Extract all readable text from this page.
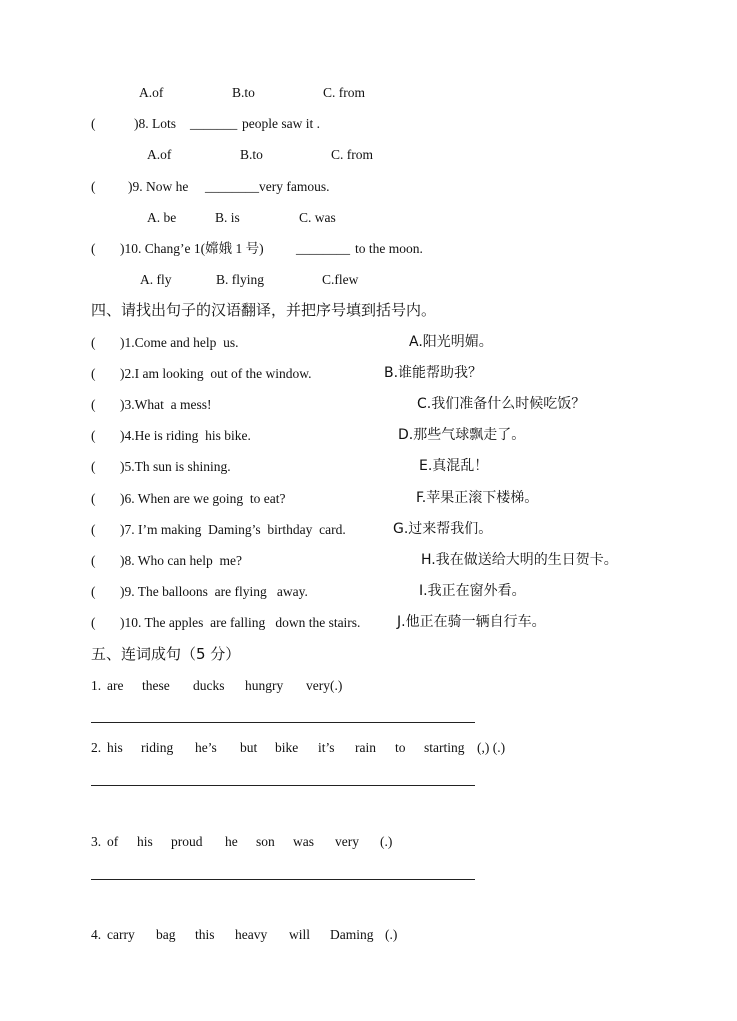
A.of	B.to	C. from
(	)8. Lots _______ people saw it .
A.of	B.to	C. from
( )9. Now he ________ very famous.
A. be	B. is	C. was
( )10. Chang’e 1(嫦娥 1 号) ________ to the moon.
A. fly	B. flying	C.flew
四、请找出句子的汉语翻译，并把序号填到括号内。
( )1.Come and help  us.	A.阳光明媚。
( )2.I am looking  out of the window.	B.谁能帮助我？
( )3.What  a mess!	C.我们准备什么时候吃饭？
( )4.He is riding  his bike.	D.那些气球飘走了。
( )5.Th sun is shining.	E.真混乱！
( )6. When are we going  to eat?	F.苹果正滚下楼梯。
( )7. I’m making  Daming’s  birthday  card.	G.过来帮我们。
( )8. Who can help  me?	H.我在做送给大明的生日贺卡。
( )9. The balloons  are flying   away.	I.我正在窗外看。
( )10. The apples  are falling   down the stairs.	J.他正在骑一辆自行车。
五、连词成句（5 分）
1. are these ducks hungry very(.)
2. his riding he’s but bike it’s rain to starting (,) (.)
3. of his proud he son was very (.)
4. carry bag this heavy will Daming (.)
